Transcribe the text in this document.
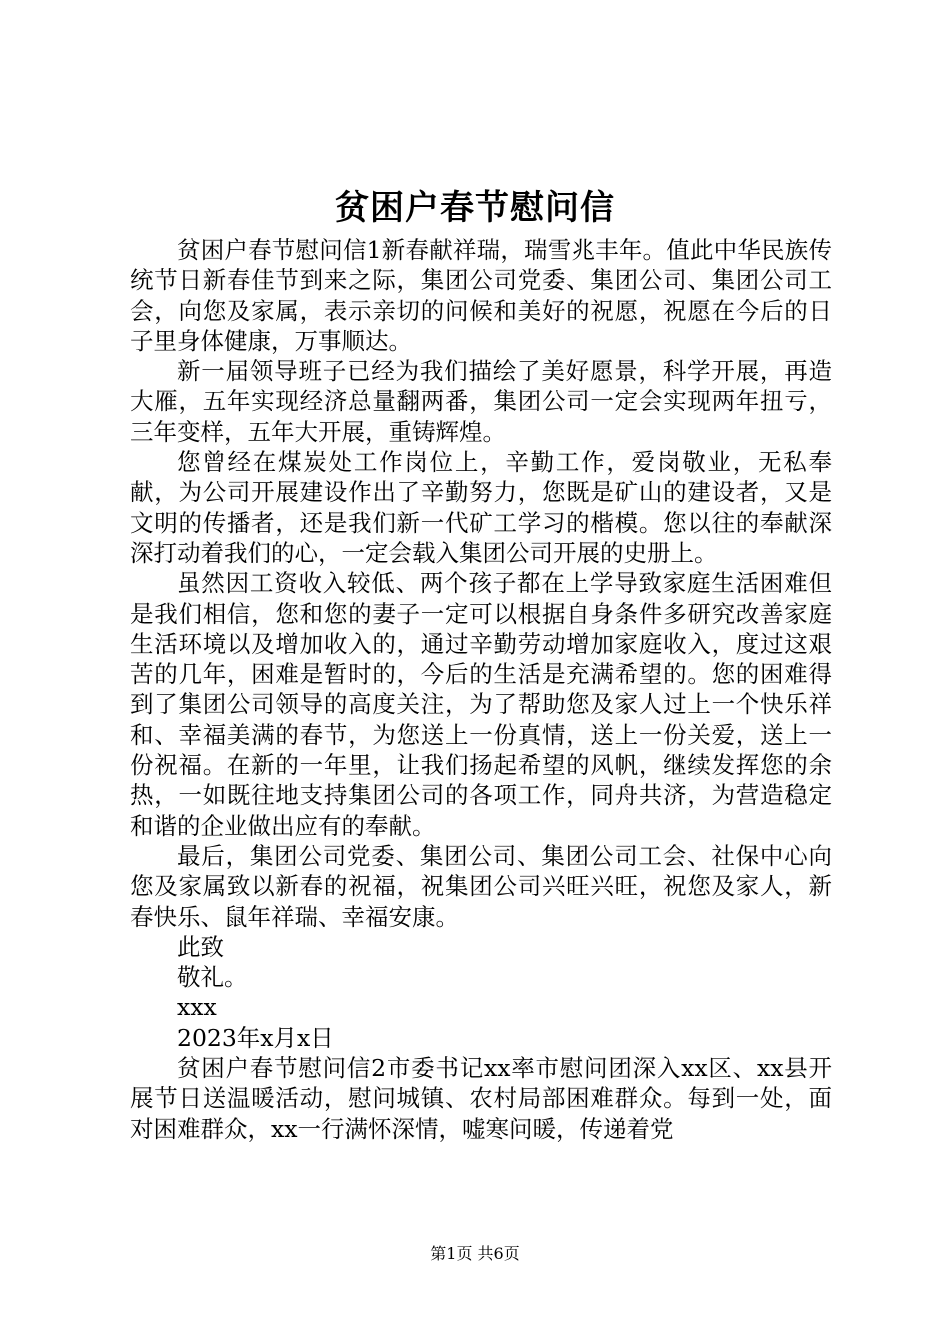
贫困户春节慰问信

贫困户春节慰问信1新春献祥瑞，瑞雪兆丰年。值此中华民族传统节日新春佳节到来之际，集团公司党委、集团公司、集团公司工会，向您及家属，表示亲切的问候和美好的祝愿，祝愿在今后的日子里身体健康，万事顺达。

新一届领导班子已经为我们描绘了美好愿景，科学开展，再造大雁，五年实现经济总量翻两番，集团公司一定会实现两年扭亏，三年变样，五年大开展，重铸辉煌。

您曾经在煤炭处工作岗位上，辛勤工作，爱岗敬业，无私奉献，为公司开展建设作出了辛勤努力，您既是矿山的建设者，又是文明的传播者，还是我们新一代矿工学习的楷模。您以往的奉献深深打动着我们的心，一定会载入集团公司开展的史册上。

虽然因工资收入较低、两个孩子都在上学导致家庭生活困难但是我们相信，您和您的妻子一定可以根据自身条件多研究改善家庭生活环境以及增加收入的，通过辛勤劳动增加家庭收入，度过这艰苦的几年，困难是暂时的，今后的生活是充满希望的。您的困难得到了集团公司领导的高度关注，为了帮助您及家人过上一个快乐祥和、幸福美满的春节，为您送上一份真情，送上一份关爱，送上一份祝福。在新的一年里，让我们扬起希望的风帆，继续发挥您的余热，一如既往地支持集团公司的各项工作，同舟共济，为营造稳定和谐的企业做出应有的奉献。

最后，集团公司党委、集团公司、集团公司工会、社保中心向您及家属致以新春的祝福，祝集团公司兴旺兴旺，祝您及家人，新春快乐、鼠年祥瑞、幸福安康。

此致

敬礼。

xxx

2023年x月x日

贫困户春节慰问信2市委书记xx率市慰问团深入xx区、xx县开展节日送温暖活动，慰问城镇、农村局部困难群众。每到一处，面对困难群众，xx一行满怀深情，嘘寒问暖，传递着党

第1页 共6页
